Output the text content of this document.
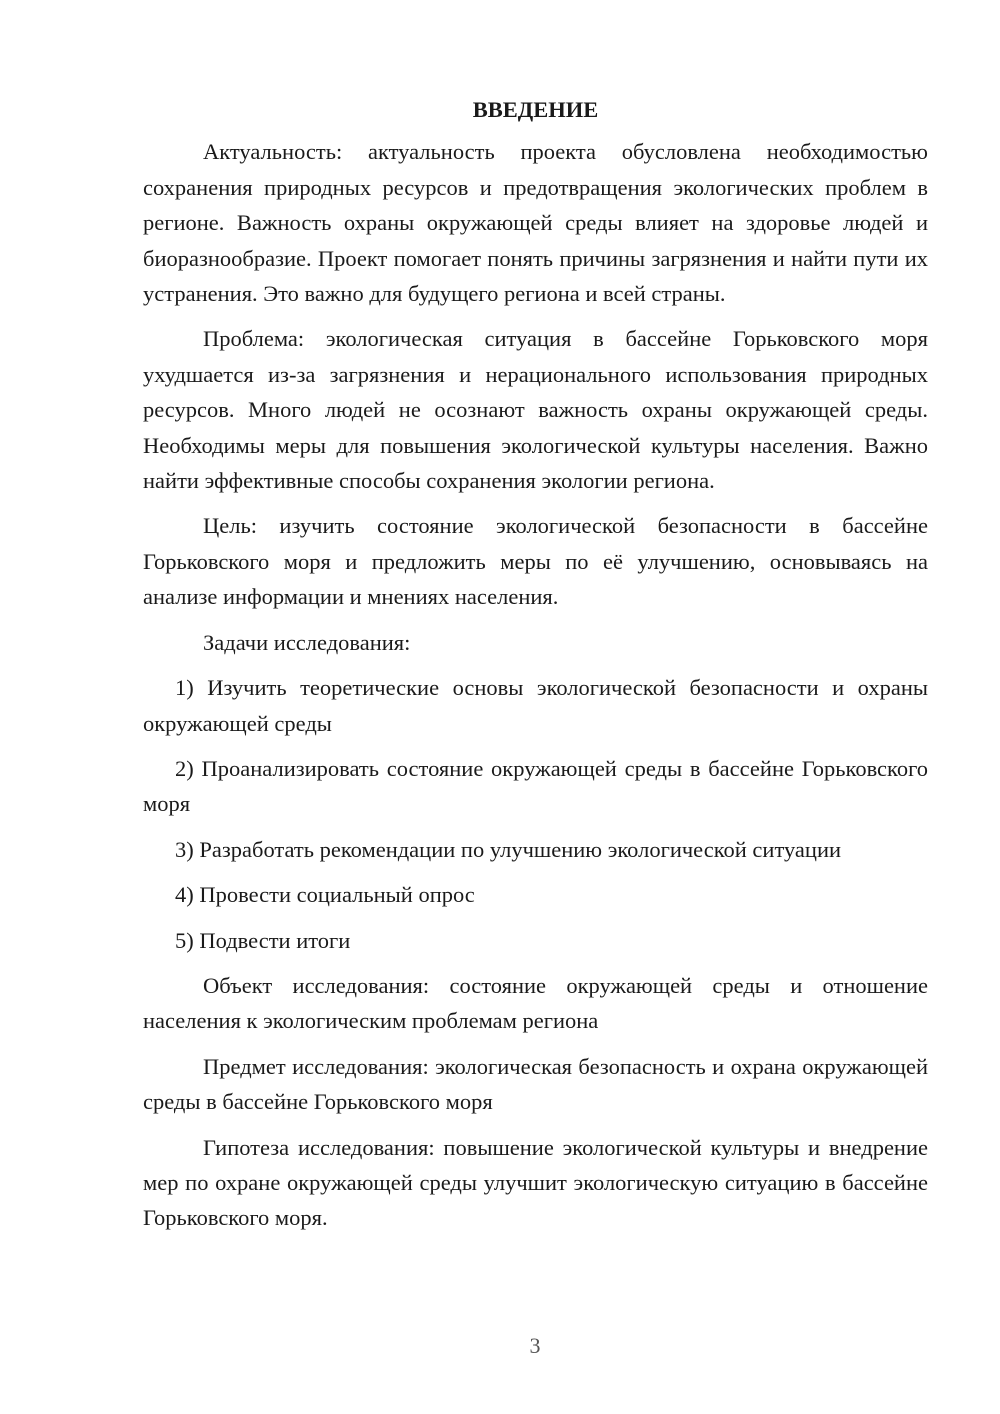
ВВЕДЕНИЕ

Актуальность: актуальность проекта обусловлена необходимостью сохранения природных ресурсов и предотвращения экологических проблем в регионе. Важность охраны окружающей среды влияет на здоровье людей и биоразнообразие. Проект помогает понять причины загрязнения и найти пути их устранения. Это важно для будущего региона и всей страны.

Проблема: экологическая ситуация в бассейне Горьковского моря ухудшается из-за загрязнения и нерационального использования природных ресурсов. Много людей не осознают важность охраны окружающей среды. Необходимы меры для повышения экологической культуры населения. Важно найти эффективные способы сохранения экологии региона.

Цель: изучить состояние экологической безопасности в бассейне Горьковского моря и предложить меры по её улучшению, основываясь на анализе информации и мнениях населения.

Задачи исследования:

1) Изучить теоретические основы экологической безопасности и охраны окружающей среды

2) Проанализировать состояние окружающей среды в бассейне Горьковского моря

3) Разработать рекомендации по улучшению экологической ситуации

4) Провести социальный опрос

5) Подвести итоги

Объект исследования: состояние окружающей среды и отношение населения к экологическим проблемам региона

Предмет исследования: экологическая безопасность и охрана окружающей среды в бассейне Горьковского моря

Гипотеза исследования: повышение экологической культуры и внедрение мер по охране окружающей среды улучшит экологическую ситуацию в бассейне Горьковского моря.

3
